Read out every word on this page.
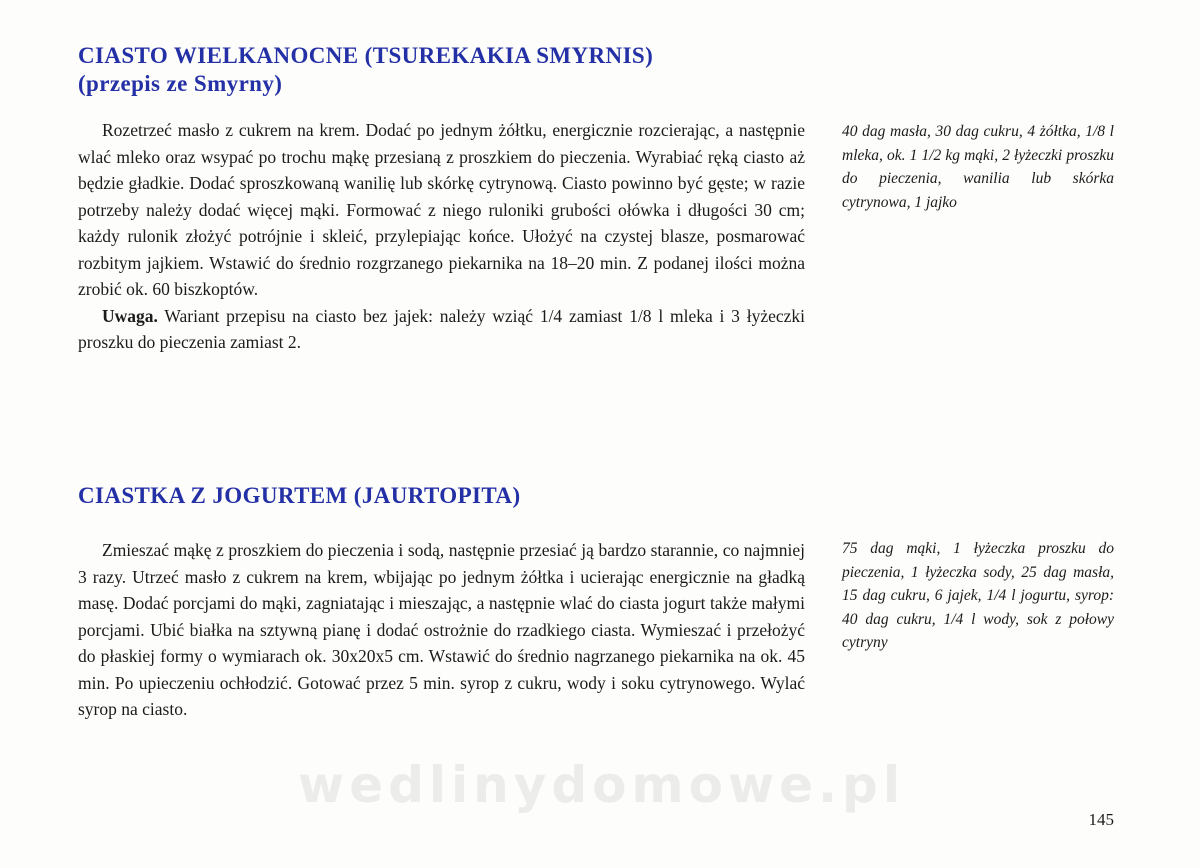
CIASTO WIELKANOCNE (TSUREKAKIA SMYRNIS)
(przepis ze Smyrny)

Rozetrzeć masło z cukrem na krem. Dodać po jednym żółtku, energicznie rozcierając, a następnie wlać mleko oraz wsypać po trochu mąkę przesianą z proszkiem do pieczenia. Wyrabiać ręką ciasto aż będzie gładkie. Dodać sproszkowaną wanilię lub skórkę cytrynową. Ciasto powinno być gęste; w razie potrzeby należy dodać więcej mąki. Formować z niego ruloniki grubości ołówka i długości 30 cm; każdy rulonik złożyć potrójnie i skleić, przylepiając końce. Ułożyć na czystej blasze, posmarować rozbitym jajkiem. Wstawić do średnio rozgrzanego piekarnika na 18–20 min. Z podanej ilości można zrobić ok. 60 biszkoptów.

Uwaga. Wariant przepisu na ciasto bez jajek: należy wziąć 1/4 zamiast 1/8 l mleka i 3 łyżeczki proszku do pieczenia zamiast 2.

40 dag masła, 30 dag cukru, 4 żółtka, 1/8 l mleka, ok. 1 1/2 kg mąki, 2 łyżeczki proszku do pieczenia, wanilia lub skórka cytrynowa, 1 jajko
CIASTKA Z JOGURTEM (JAURTOPITA)

Zmieszać mąkę z proszkiem do pieczenia i sodą, następnie przesiać ją bardzo starannie, co najmniej 3 razy. Utrzeć masło z cukrem na krem, wbijając po jednym żółtka i ucierając energicznie na gładką masę. Dodać porcjami do mąki, zagniatając i mieszając, a następnie wlać do ciasta jogurt także małymi porcjami. Ubić białka na sztywną pianę i dodać ostrożnie do rzadkiego ciasta. Wymieszać i przełożyć do płaskiej formy o wymiarach ok. 30x20x5 cm. Wstawić do średnio nagrzanego piekarnika na ok. 45 min. Po upieczeniu ochłodzić. Gotować przez 5 min. syrop z cukru, wody i soku cytrynowego. Wylać syrop na ciasto.

75 dag mąki, 1 łyżeczka proszku do pieczenia, 1 łyżeczka sody, 25 dag masła, 15 dag cukru, 6 jajek, 1/4 l jogurtu, syrop: 40 dag cukru, 1/4 l wody, sok z połowy cytryny
wedlinydomowe.pl
145
